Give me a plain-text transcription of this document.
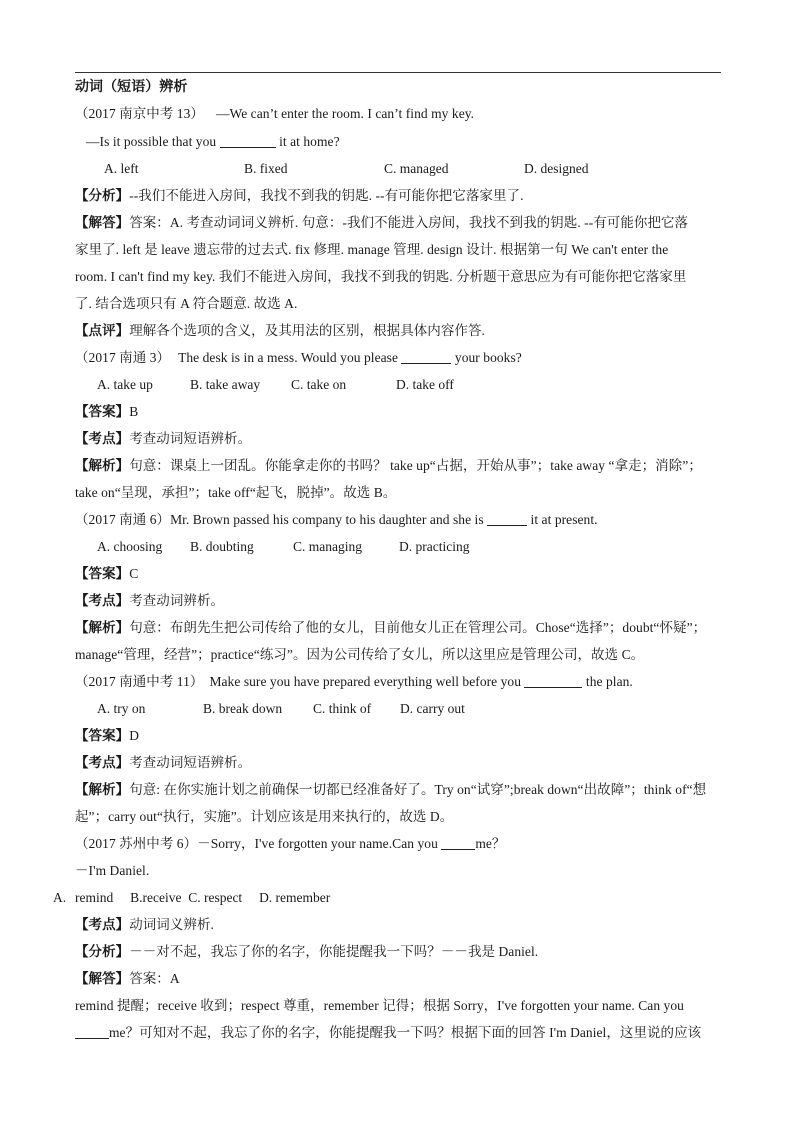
动词（短语）辨析
（2017 南京中考 13） —We can’t enter the room. I can’t find my key.
—Is it possible that you	it at home?
A. left	B. fixed	C. managed	D. designed
【分析】--我们不能进入房间，我找不到我的钥匙. --有可能你把它落家里了.
【解答】答案：A. 考查动词词义辨析. 句意：-我们不能进入房间，我找不到我的钥匙. --有可能你把它落
家里了. left 是 leave 遗忘带的过去式. fix 修理. manage 管理. design 设计. 根据第一句 We can't enter the
room. I can't find my key. 我们不能进入房间，我找不到我的钥匙. 分析题干意思应为有可能你把它落家里
了. 结合选项只有 A 符合题意. 故选 A.
【点评】理解各个选项的含义，及其用法的区别，根据具体内容作答.
（2017 南通 3） The desk is in a mess. Would you please	your books?
A. take up	B. take away C. take on	D. take off
【答案】B
【考点】考查动词短语辨析。
【解析】句意：课桌上一团乱。你能拿走你的书吗？ take up“占据，开始从事”；take away “拿走；消除”；
take on“呈现，承担”；take off“起飞，脱掉”。故选 B。
（2017 南通 6）Mr. Brown passed his company to his daughter and she is	it at present.
A. choosing B. doubting	C. managing	D. practicing
【答案】C
【考点】考查动词辨析。
【解析】句意：布朗先生把公司传给了他的女儿，目前他女儿正在管理公司。Chose“选择”；doubt“怀疑”；
manage“管理，经营”；practice“练习”。因为公司传给了女儿，所以这里应是管理公司，故选 C。
（2017 南通中考 11） Make sure you have prepared everything well before you	the plan.
A. try on	B. break down C. think of D. carry out
【答案】D
【考点】考查动词短语辨析。
【解析】句意: 在你实施计划之前确保一切都已经准备好了。Try on“试穿”;break down“出故障”；think of“想
起”；carry out“执行，实施”。计划应该是用来执行的，故选 D。
（2017 苏州中考 6）－Sorry，I've forgotten your name.Can you	me？
－I'm Daniel.
A. remind     B.receive  C. respect     D. remember
【考点】动词词义辨析.
【分析】－－对不起，我忘了你的名字，你能提醒我一下吗？－－我是 Daniel.
【解答】答案：A
remind 提醒；receive 收到；respect 尊重，remember 记得；根据 Sorry，I've forgotten your name. Can you
me？可知对不起，我忘了你的名字，你能提醒我一下吗？根据下面的回答 I'm Daniel，这里说的应该
